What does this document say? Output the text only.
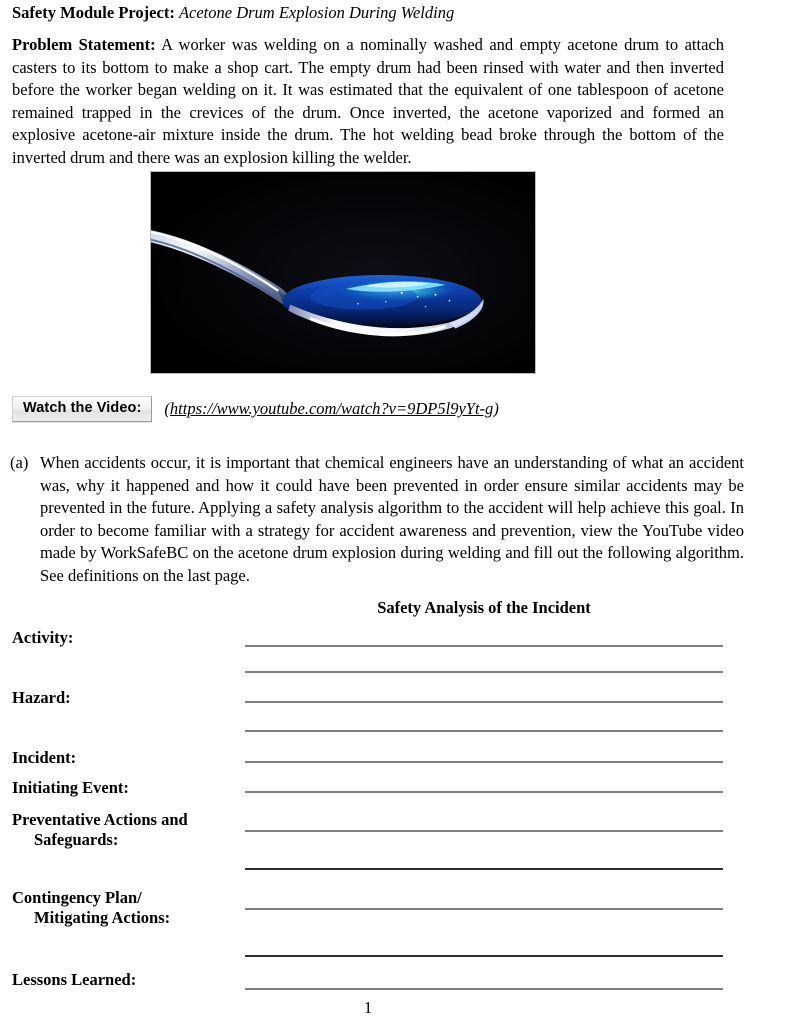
Safety Module Project: Acetone Drum Explosion During Welding
Problem Statement: A worker was welding on a nominally washed and empty acetone drum to attach casters to its bottom to make a shop cart. The empty drum had been rinsed with water and then inverted before the worker began welding on it. It was estimated that the equivalent of one tablespoon of acetone remained trapped in the crevices of the drum. Once inverted, the acetone vaporized and formed an explosive acetone-air mixture inside the drum. The hot welding bead broke through the bottom of the inverted drum and there was an explosion killing the welder.
Watch the Video:	(https://www.youtube.com/watch?v=9DP5l9yYt-g)
(a) When accidents occur, it is important that chemical engineers have an understanding of what an accident was, why it happened and how it could have been prevented in order ensure similar accidents may be prevented in the future. Applying a safety analysis algorithm to the accident will help achieve this goal. In order to become familiar with a strategy for accident awareness and prevention, view the YouTube video made by WorkSafeBC on the acetone drum explosion during welding and fill out the following algorithm. See definitions on the last page.
Safety Analysis of the Incident
Activity:
Hazard:
Incident:
Initiating Event:
Preventative Actions and
Safeguards:
Contingency Plan/
Mitigating Actions:
Lessons Learned:
1
